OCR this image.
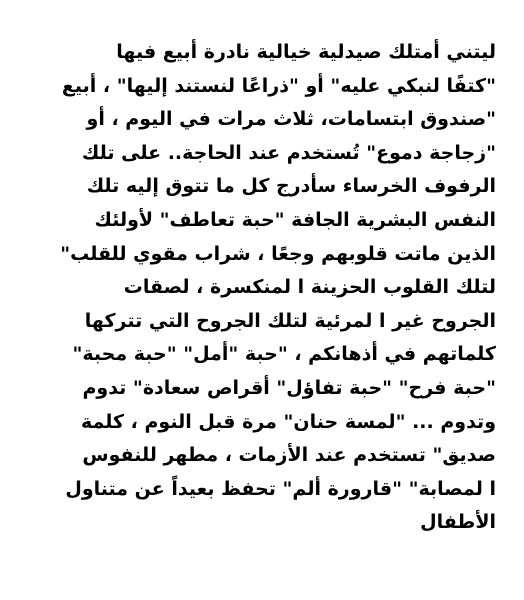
ليتني أمتلك صيدلية خيالية نادرة أبيع فيها
"كتفًا لنبكي عليه" أو "ذراعًا لنستند إليها" ، أبيع
"صندوق ابتسامات، ثلاث مرات في اليوم ، أو
"زجاجة دموع" تُستخدم عند الحاجة.. على تلك
الرفوف الخرساء سأدرج كل ما تتوق إليه تلك
النفس البشرية الجافة "حبة تعاطف" لأولئك
الذين ماتت قلوبهم وجعًا ، شراب مقوي للقلب"
لتلك القلوب الحزينة ا لمنكسرة ، لصقات
الجروح غير ا لمرئية لتلك الجروح التي تتركها
كلماتهم في أذهانكم ، "حبة "أمل" "حبة محبة"
"حبة فرح" "حبة تفاؤل" أقراص سعادة" تدوم
وتدوم ... "لمسة حنان" مرة قبل النوم ، كلمة
صديق" تستخدم عند الأزمات ، مطهر للنفوس
ا لمصابة" "قارورة ألم" تحفظ بعيداً عن متناول
الأطفال
